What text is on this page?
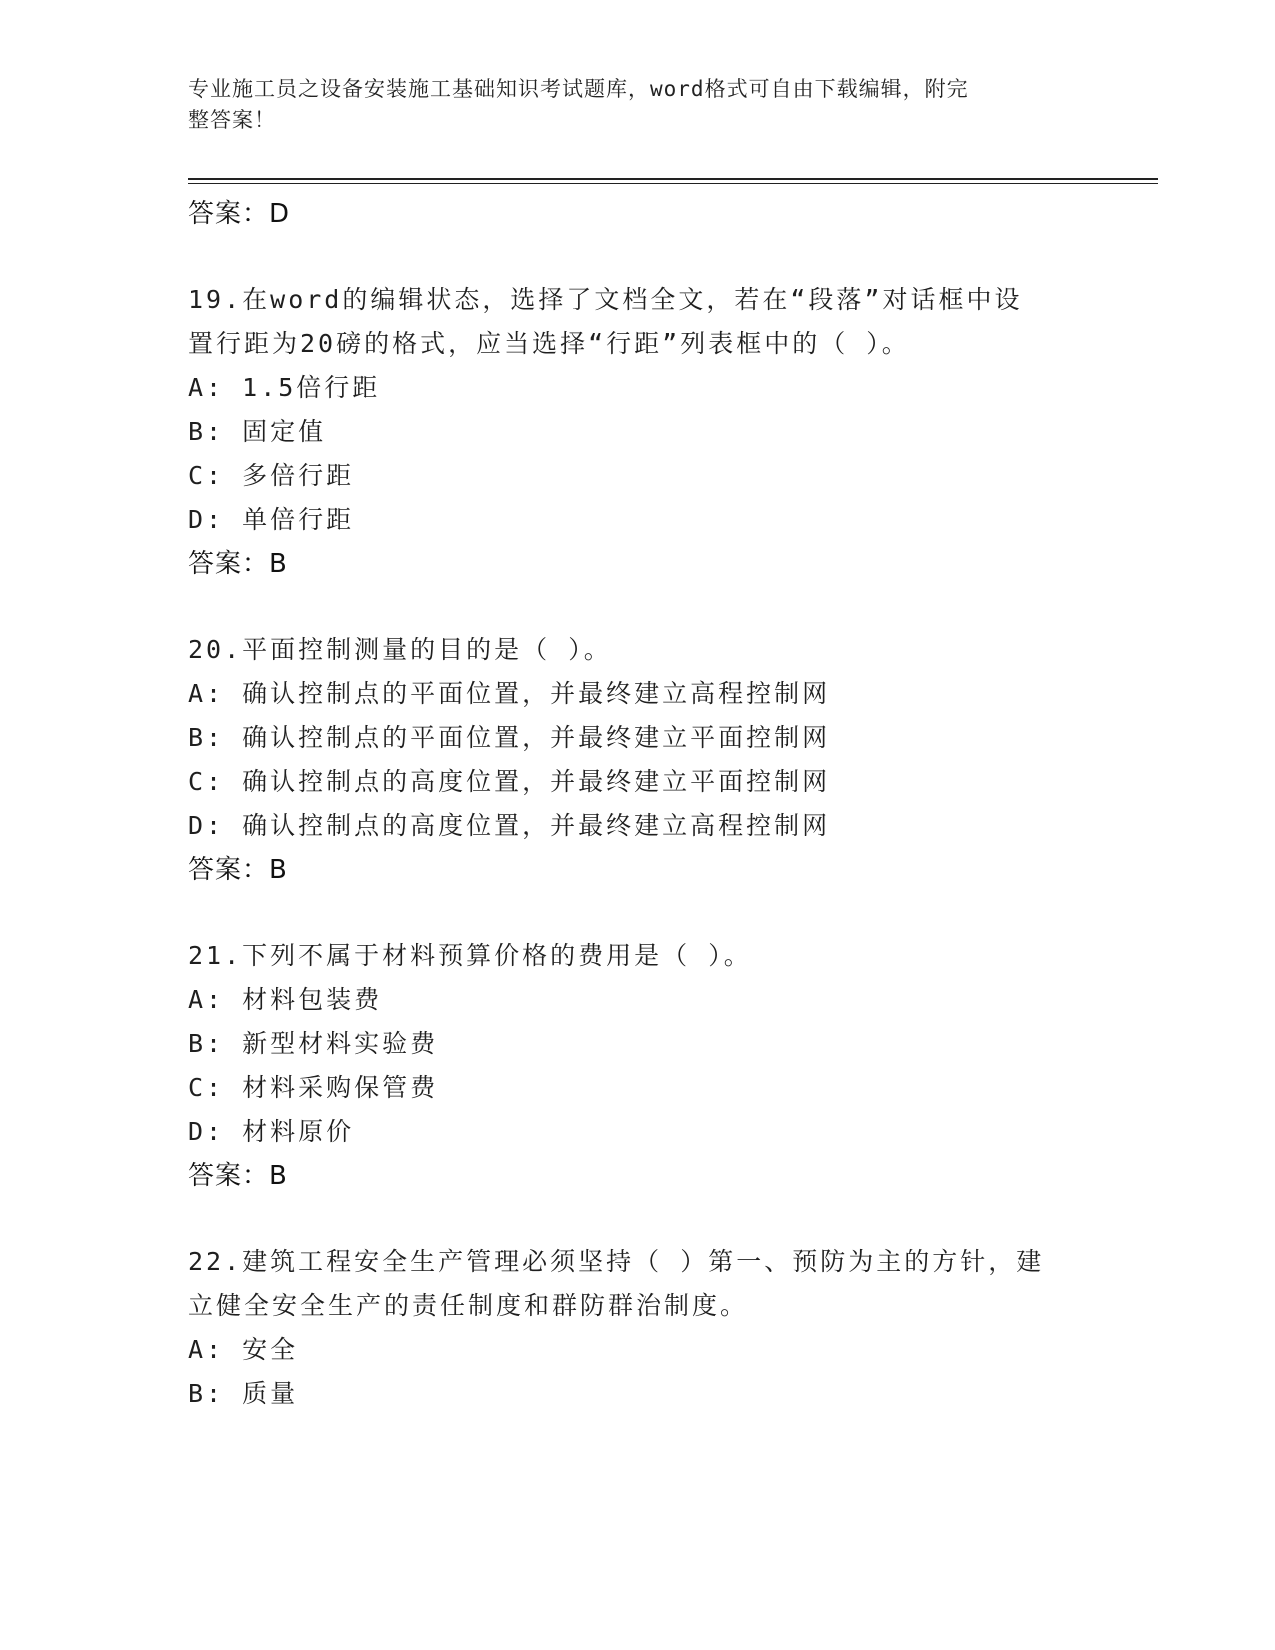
专业施工员之设备安装施工基础知识考试题库，word格式可自由下载编辑，附完
整答案！
答案：D
19.在word的编辑状态，选择了文档全文，若在“段落”对话框中设
置行距为20磅的格式，应当选择“行距”列表框中的（ ）。
A: 1.5倍行距
B: 固定值
C: 多倍行距
D: 单倍行距
答案：B
20.平面控制测量的目的是（ ）。
A: 确认控制点的平面位置，并最终建立高程控制网
B: 确认控制点的平面位置，并最终建立平面控制网
C: 确认控制点的高度位置，并最终建立平面控制网
D: 确认控制点的高度位置，并最终建立高程控制网
答案：B
21.下列不属于材料预算价格的费用是（ ）。
A: 材料包装费
B: 新型材料实验费
C: 材料采购保管费
D: 材料原价
答案：B
22.建筑工程安全生产管理必须坚持（ ）第一、预防为主的方针，建
立健全安全生产的责任制度和群防群治制度。
A: 安全
B: 质量
